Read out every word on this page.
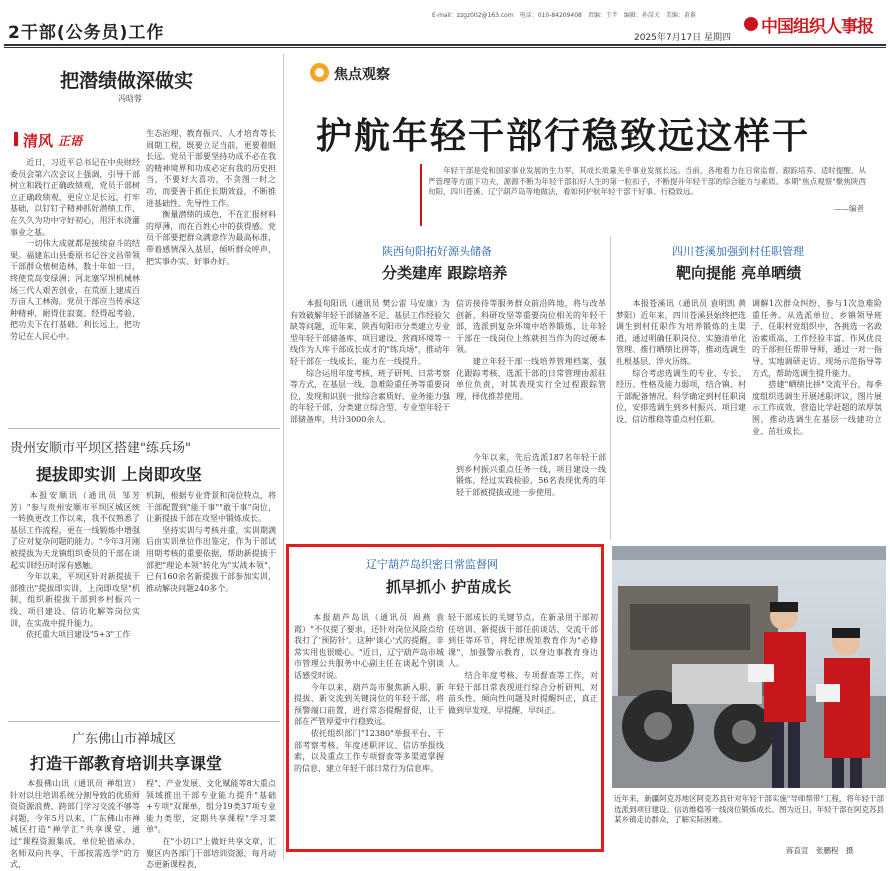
2干部(公务员)工作
E-mail：zzgz002@163.com　电话：010-84209408　责编：王芊　编辑：孙岗关　美编：黄番
2025年7月17日 星期四
中国组织人事报
把潜绩做深做实
冯晗蓉
清风 正语
　　近日，习近平总书记在中央财经委员会第六次会议上强调，引导干部树立和践行正确政绩观，党员干部树立正确政绩观，更应立足长远，打牢基础，以钉钉子精神抓好潜绩工作，在久久为功中守好初心，用汗水浇灌事业之基。
　　一切伟大成就都是接续奋斗的结果。福建东山县委原书记谷文昌带领干部群众植树造林，数十年如一日，终使荒岛变绿洲；河北塞罕坝机械林场三代人艰苦创业，在荒原上建成百万亩人工林海。党员干部应当传承这种精神，耐得住寂寞、经得起考验，把功夫下在打基础、利长远上，把功劳记在人民心中。
生态治理、教育振兴、人才培育等长周期工程，既要立足当前，更要着眼长远。党员干部要坚持功成不必在我的精神境界和功成必定有我的历史担当，不要好大喜功，不贪图一时之功，而要善于抓住长期效益，不断推进基础性、先导性工作。
　　衡量潜绩的成色，不在汇报材料的厚薄，而在百姓心中的获得感。党员干部要把群众满意作为最高标准，带着感情深入基层，倾听群众呼声，把实事办实、好事办好。
贵州安顺市平坝区搭建"练兵场"
提拔即实训 上岗即攻坚
　　本报安顺讯（通讯员 邹芳　芳）"参与贵州安顺市平坝区城区统一转换更改工作以来，我不仅熟悉了基层工作流程，更在一线锻炼中增强了应对复杂问题的能力。"今年3月刚被提拔为天龙镇组织委员的干部在谈起实训经历时深有感触。
　　今年以来，平坝区针对新提拔干部推出"提拔即实训、上岗即攻坚"机制，组织新提拔干部到乡村振兴一线、项目建设、信访化解等岗位实训，在实战中提升能力。
　　依托重大项目建设"5+3"工作
机制，根据专业背景和岗位特点，将干部配置到"能干事""敢干事"岗位，让新提拔干部在攻坚中锻炼成长。
　　坚持实训与考核并重，实训期满后由实训单位作出鉴定，作为干部试用期考核的重要依据，帮助新提拔干部把"理论本领"转化为"实战本领"，已有160余名新提拔干部参加实训，推动解决问题240多个。
广东佛山市禅城区
打造干部教育培训共享课堂
　　本报佛山讯（通讯员 禅组宣）针对以往培训系统分割导致的优质师资资源浪费、跨部门学习交流不够等问题，今年5月以来，广东佛山市禅城区打造"禅学汇"共享课堂，通过"课程资源集成、单位轮值承办、名师双向共享、干部按需选学"的方式，
程"、产业发展、文化赋能等8大重点领域推出干部专业能力提升"基础+专项"双课单，组分19类37项专业能力类型，定期共享课程"学习菜单"。
　　在"小切口"上做好共享文章，汇聚区内各部门干部培训资源，每月动态更新课程表，
焦点观察
护航年轻干部行稳致远这样干
　　年轻干部是党和国家事业发展的生力军，其成长质量关乎事业发展长远。当前，各地着力在日常监督、跟踪培养、适时提醒、从严管理等方面下功夫，源源不断为年轻干部扣好人生的第一粒扣子，不断提升年轻干部的综合能力与素质。本期"焦点观察"聚焦陕西旬阳、四川苍溪、辽宁葫芦岛等地做法，看如何护航年轻干部干好事、行稳致远。
——编者
陕西旬阳拓好源头储备
分类建库 跟踪培养
　　本报旬阳讯（通讯员 樊公雷 马安康）为有效破解年轻干部储备不足、基层工作经验欠缺等问题，近年来，陕西旬阳市分类建立专业型年轻干部储备库，项目建设、营商环境等一线作为人库干部成长成才的"练兵场"，推动年轻干部在一线成长，能力在一线提升。
　　综合运用年度考核、班子研判、日常考察等方式，在基层一线、急难险重任务等重要岗位，发现和识别一批综合素质好、业务能力强的年轻干部，分类建立综合型、专业型年轻干部储备库，共计3000余人。
信访接待等服务群众前沿阵地，将与改革创新、科研攻坚等重要岗位相关的年轻干部，选派到复杂环境中培养锻炼，让年轻干部在一线岗位上练就担当作为的过硬本领。
　　建立年轻干部一线培养管理档案，强化跟踪考核，选派干部的日常管理由派驻单位负责，对其表现实行全过程跟踪管理，择优推荐使用。
　　今年以来，先后选派187名年轻干部到乡村振兴重点任务一线、项目建设一线锻炼，经过实践检验，56名表现优秀的年轻干部被提拔或进一步使用。
四川苍溪加强到村任职管理
靶向提能 亮单晒绩
　　本报苍溪讯（通讯员 袁明凯 黄梦阳）近年来，四川苍溪县始终把选调生到村任职作为培养锻炼的主渠道，通过明确任职岗位、实施清单化管理、推行晒绩比拼等，推动选调生扎根基层、淬火历练。
　　综合考虑选调生的专业、专长、经历、性格及能力弱项，结合镇、村干部配备情况，科学确定到村任职岗位，安排选调生到乡村振兴、项目建设、信访维稳等重点村任职。
调解1次群众纠纷、参与1次急难险重任务。从选派单位、乡镇领导班子、任职村党组织中，各挑选一名政治素质高、工作经验丰富、作风优良的干部担任帮带导师，通过一对一指导、实地调研走访、现场示范指导等方式，帮助选调生提升能力。
　　搭建"晒绩比拼"交流平台，每季度组织选调生开展述职评议，图片展示工作成效，营造比学赶超的浓厚氛围，推动选调生在基层一线建功立业、茁壮成长。
辽宁葫芦岛织密日常监督网
抓早抓小 护苗成长
　　本报葫芦岛讯（通讯员 周燕 袁霞）"不仅提了要求，还针对岗位风险点给我打了'预防针'。这种'谈心'式的提醒，非常实用也很暖心。"近日，辽宁葫芦岛市城市管理公共服务中心副主任在谈起个别谈话感受时说。
　　今年以来，葫芦岛市聚焦新入职、新提拔、新交流到关键岗位的年轻干部，将预警端口前置，进行常态提醒督促，让干部在严管厚爱中行稳致远。
　　依托组织部门"12380"举报平台、干部考察考核、年度述职评议、信访举报线索，以及重点工作专项督查等多渠道掌握的信息，建立年轻干部日常行为信息库。
轻干部成长的关键节点。在新录用干部初任培训、新提拔干部任前谈话、交流干部到任等环节，将纪律规矩教育作为"必修课"，加强警示教育，以身边事教育身边人。
　　结合年度考核、专项督查等工作，对年轻干部日常表现进行综合分析研判，对苗头性、倾向性问题及时提醒纠正，真正做到早发现、早提醒、早纠正。
近年来，新疆阿克苏地区阿克苏县针对年轻干部实施"导师帮带"工程，将年轻干部选派到项目建设、信访维稳等一线岗位锻炼成长。图为近日，年轻干部在阿克苏县某乡镇走访群众，了解实际困难。
蒋直宣　张鹏程　摄
